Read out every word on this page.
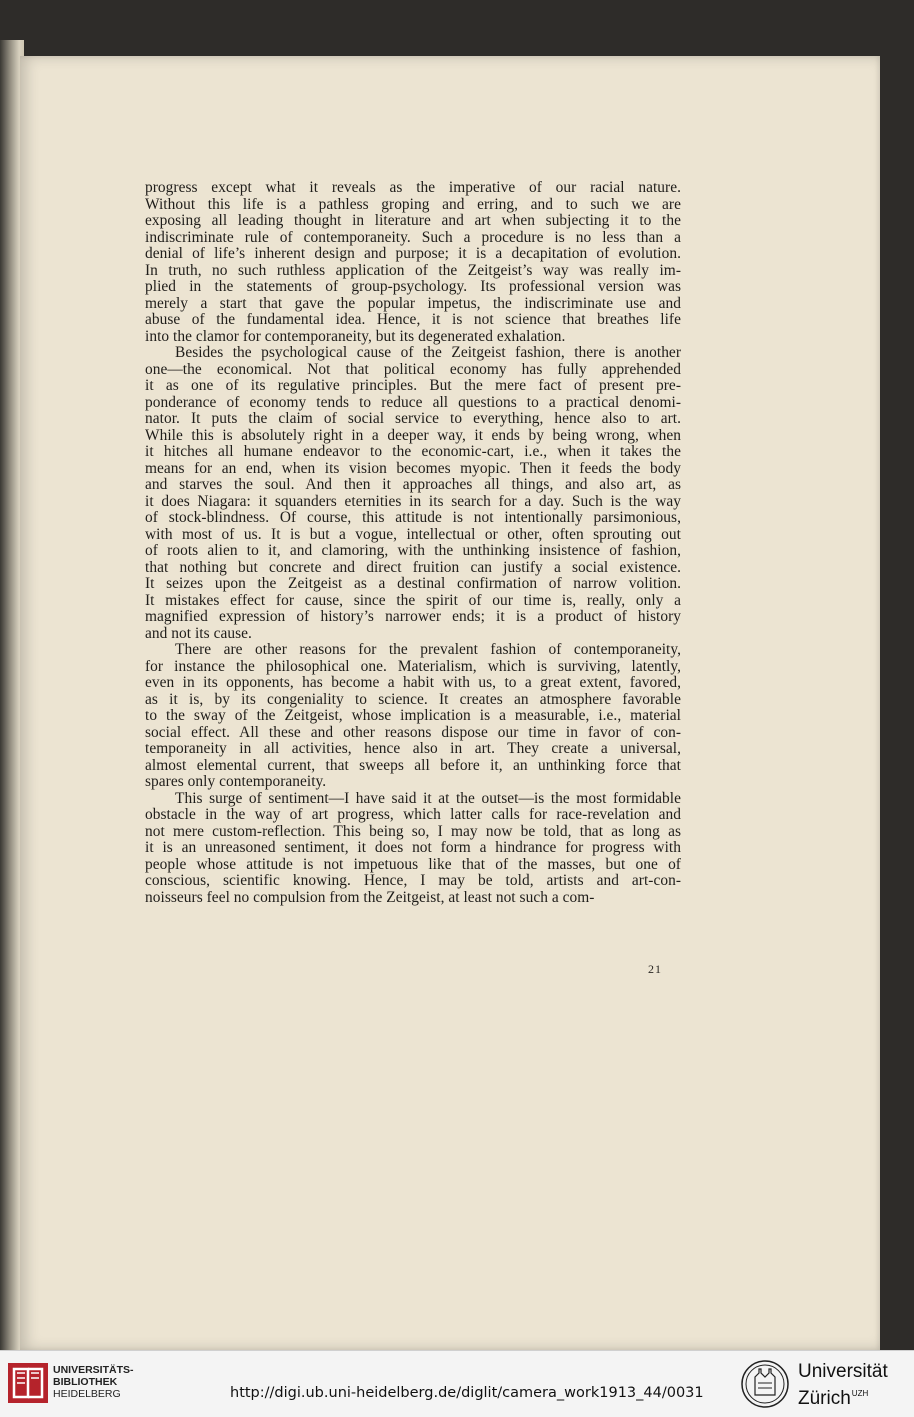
progress except what it reveals as the imperative of our racial nature.
Without this life is a pathless groping and erring, and to such we are
exposing all leading thought in literature and art when subjecting it to the
indiscriminate rule of contemporaneity. Such a procedure is no less than a
denial of life’s inherent design and purpose; it is a decapitation of evolution.
In truth, no such ruthless application of the Zeitgeist’s way was really im-
plied in the statements of group-psychology. Its professional version was
merely a start that gave the popular impetus, the indiscriminate use and
abuse of the fundamental idea. Hence, it is not science that breathes life
into the clamor for contemporaneity, but its degenerated exhalation.
Besides the psychological cause of the Zeitgeist fashion, there is another
one—the economical. Not that political economy has fully apprehended
it as one of its regulative principles. But the mere fact of present pre-
ponderance of economy tends to reduce all questions to a practical denomi-
nator. It puts the claim of social service to everything, hence also to art.
While this is absolutely right in a deeper way, it ends by being wrong, when
it hitches all humane endeavor to the economic-cart, i.e., when it takes the
means for an end, when its vision becomes myopic. Then it feeds the body
and starves the soul. And then it approaches all things, and also art, as
it does Niagara: it squanders eternities in its search for a day. Such is the way
of stock-blindness. Of course, this attitude is not intentionally parsimonious,
with most of us. It is but a vogue, intellectual or other, often sprouting out
of roots alien to it, and clamoring, with the unthinking insistence of fashion,
that nothing but concrete and direct fruition can justify a social existence.
It seizes upon the Zeitgeist as a destinal confirmation of narrow volition.
It mistakes effect for cause, since the spirit of our time is, really, only a
magnified expression of history’s narrower ends; it is a product of history
and not its cause.
There are other reasons for the prevalent fashion of contemporaneity,
for instance the philosophical one. Materialism, which is surviving, latently,
even in its opponents, has become a habit with us, to a great extent, favored,
as it is, by its congeniality to science. It creates an atmosphere favorable
to the sway of the Zeitgeist, whose implication is a measurable, i.e., material
social effect. All these and other reasons dispose our time in favor of con-
temporaneity in all activities, hence also in art. They create a universal,
almost elemental current, that sweeps all before it, an unthinking force that
spares only contemporaneity.
This surge of sentiment—I have said it at the outset—is the most formidable
obstacle in the way of art progress, which latter calls for race-revelation and
not mere custom-reflection. This being so, I may now be told, that as long as
it is an unreasoned sentiment, it does not form a hindrance for progress with
people whose attitude is not impetuous like that of the masses, but one of
conscious, scientific knowing. Hence, I may be told, artists and art-con-
noisseurs feel no compulsion from the Zeitgeist, at least not such a com-
21
UNIVERSITÄTS-
BIBLIOTHEK
HEIDELBERG	http://digi.ub.uni-heidelberg.de/diglit/camera_work1913_44/0031
Universität
Zürich$^{UZH}$
